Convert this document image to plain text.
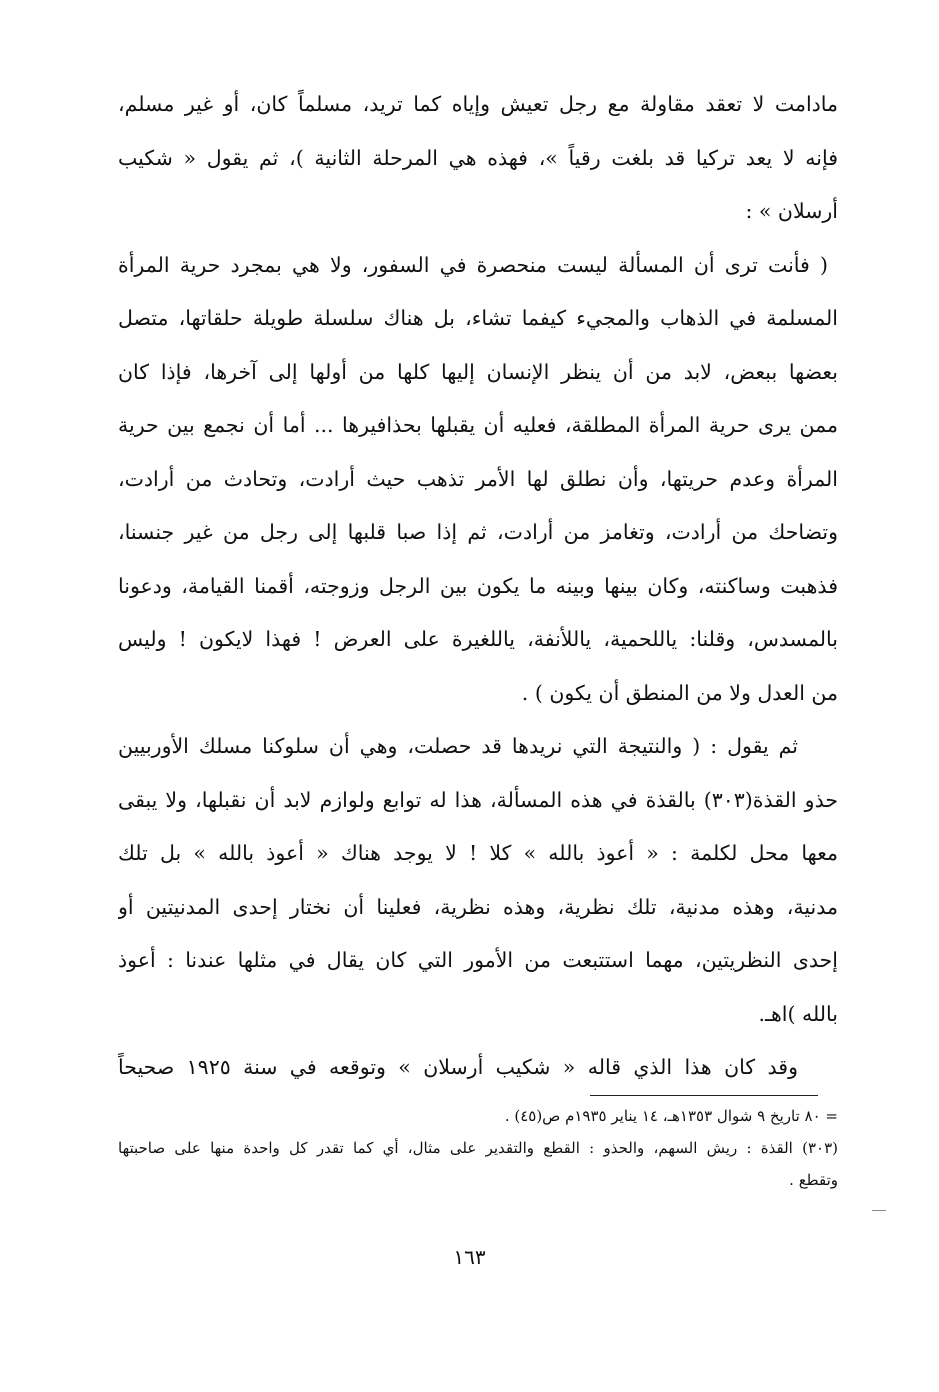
مادامت لا تعقد مقاولة مع رجل تعيش وإياه كما تريد، مسلماً كان، أو غير مسلم،
فإنه لا يعد تركيا قد بلغت رقياً »، فهذه هي المرحلة الثانية )، ثم يقول « شكيب
أرسلان » :
( فأنت ترى أن المسألة ليست منحصرة في السفور، ولا هي بمجرد حرية المرأة
المسلمة في الذهاب والمجيء كيفما تشاء، بل هناك سلسلة طويلة حلقاتها، متصل
بعضها ببعض، لابد من أن ينظر الإنسان إليها كلها من أولها إلى آخرها، فإذا كان
ممن يرى حرية المرأة المطلقة، فعليه أن يقبلها بحذافيرها ... أما أن نجمع بين حرية
المرأة وعدم حريتها، وأن نطلق لها الأمر تذهب حيث أرادت، وتحادث من أرادت،
وتضاحك من أرادت، وتغامز من أرادت، ثم إذا صبا قلبها إلى رجل من غير جنسنا،
فذهبت وساكنته، وكان بينها وبينه ما يكون بين الرجل وزوجته، أقمنا القيامة، ودعونا
بالمسدس، وقلنا: ياللحمية، ياللأنفة، ياللغيرة على العرض ! فهذا لايكون ! وليس
من العدل ولا من المنطق أن يكون ) .
ثم يقول : ( والنتيجة التي نريدها قد حصلت، وهي أن سلوكنا مسلك الأوربيين
حذو القذة(٣٠٣) بالقذة في هذه المسألة، هذا له توابع ولوازم لابد أن نقبلها، ولا يبقى
معها محل لكلمة : « أعوذ بالله » كلا ! لا يوجد هناك « أعوذ بالله » بل تلك
مدنية، وهذه مدنية، تلك نظرية، وهذه نظرية، فعلينا أن نختار إحدى المدنيتين أو
إحدى النظريتين، مهما استتبعت من الأمور التي كان يقال في مثلها عندنا : أعوذ
بالله )اهـ.
وقد كان هذا الذي قاله « شكيب أرسلان » وتوقعه في سنة ١٩٢٥ صحيحاً
= ٨٠ تاريخ ٩ شوال ١٣٥٣هـ، ١٤ يناير ١٩٣٥م ص(٤٥) .
(٣٠٣) القذة : ريش السهم، والحذو : القطع والتقدير على مثال، أي كما تقدر كل واحدة منها على صاحبتها
وتقطع .
١٦٣
